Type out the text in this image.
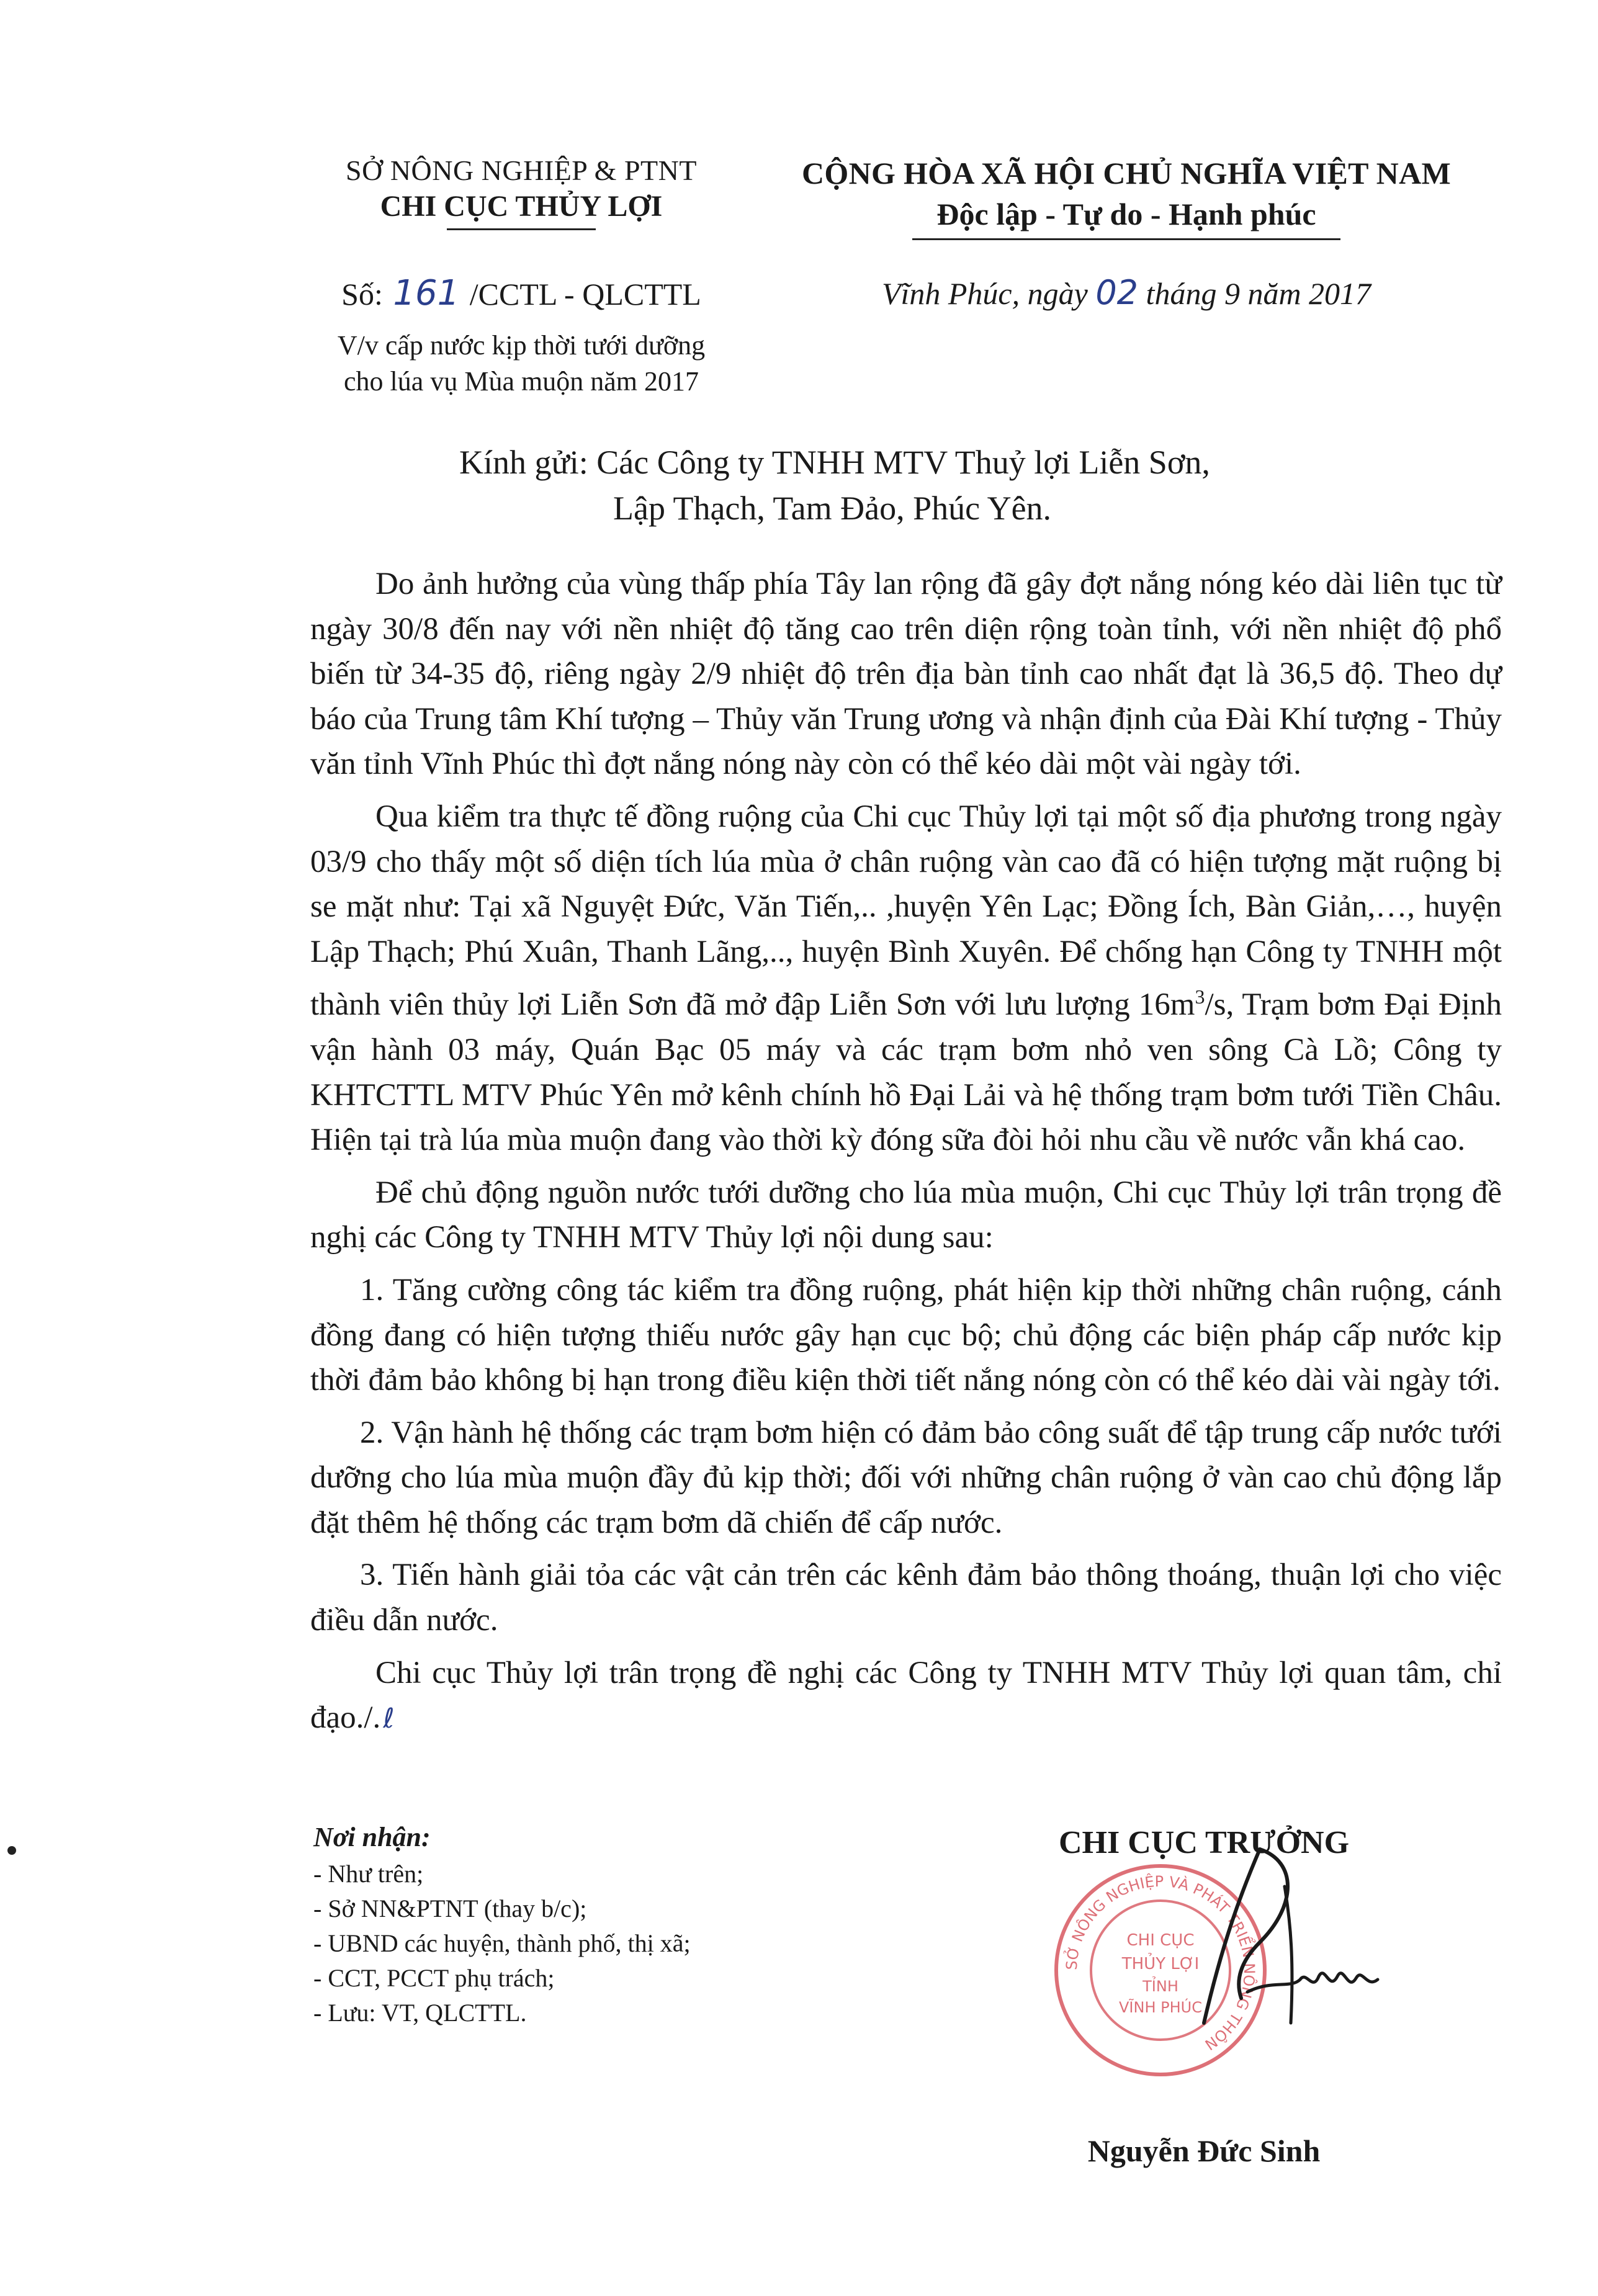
SỞ NÔNG NGHIỆP & PTNT
CHI CỤC THỦY LỢI
CỘNG HÒA XÃ HỘI CHỦ NGHĨA VIỆT NAM
Độc lập - Tự do - Hạnh phúc
Số: 161 /CCTL - QLCTTL
V/v cấp nước kịp thời tưới dưỡng
cho lúa vụ Mùa muộn năm 2017
Vĩnh Phúc, ngày 02 tháng 9 năm 2017
Kính gửi: Các Công ty TNHH MTV Thuỷ lợi Liễn Sơn,
Lập Thạch, Tam Đảo, Phúc Yên.

Do ảnh hưởng của vùng thấp phía Tây lan rộng đã gây đợt nắng nóng kéo dài liên tục từ ngày 30/8 đến nay với nền nhiệt độ tăng cao trên diện rộng toàn tỉnh, với nền nhiệt độ phổ biến từ 34-35 độ, riêng ngày 2/9 nhiệt độ trên địa bàn tỉnh cao nhất đạt là 36,5 độ. Theo dự báo của Trung tâm Khí tượng – Thủy văn Trung ương và nhận định của Đài Khí tượng - Thủy văn tỉnh Vĩnh Phúc thì đợt nắng nóng này còn có thể kéo dài một vài ngày tới.

Qua kiểm tra thực tế đồng ruộng của Chi cục Thủy lợi tại một số địa phương trong ngày 03/9 cho thấy một số diện tích lúa mùa ở chân ruộng vàn cao đã có hiện tượng mặt ruộng bị se mặt như: Tại xã Nguyệt Đức, Văn Tiến,.. ,huyện Yên Lạc; Đồng Ích, Bàn Giản,…, huyện Lập Thạch; Phú Xuân, Thanh Lãng,.., huyện Bình Xuyên. Để chống hạn Công ty TNHH một thành viên thủy lợi Liễn Sơn đã mở đập Liễn Sơn với lưu lượng $16m^3/s$, Trạm bơm Đại Định vận hành 03 máy, Quán Bạc 05 máy và các trạm bơm nhỏ ven sông Cà Lồ; Công ty KHTCTTL MTV Phúc Yên mở kênh chính hồ Đại Lải và hệ thống trạm bơm tưới Tiền Châu. Hiện tại trà lúa mùa muộn đang vào thời kỳ đóng sữa đòi hỏi nhu cầu về nước vẫn khá cao.

Để chủ động nguồn nước tưới dưỡng cho lúa mùa muộn, Chi cục Thủy lợi trân trọng đề nghị các Công ty TNHH MTV Thủy lợi nội dung sau:

1. Tăng cường công tác kiểm tra đồng ruộng, phát hiện kịp thời những chân ruộng, cánh đồng đang có hiện tượng thiếu nước gây hạn cục bộ; chủ động các biện pháp cấp nước kịp thời đảm bảo không bị hạn trong điều kiện thời tiết nắng nóng còn có thể kéo dài vài ngày tới.

2. Vận hành hệ thống các trạm bơm hiện có đảm bảo công suất để tập trung cấp nước tưới dưỡng cho lúa mùa muộn đầy đủ kịp thời; đối với những chân ruộng ở vàn cao chủ động lắp đặt thêm hệ thống các trạm bơm dã chiến để cấp nước.

3. Tiến hành giải tỏa các vật cản trên các kênh đảm bảo thông thoáng, thuận lợi cho việc điều dẫn nước.

Chi cục Thủy lợi trân trọng đề nghị các Công ty TNHH MTV Thủy lợi quan tâm, chỉ đạo./.ℓ

Nơi nhận:
- Như trên;
- Sở NN&PTNT (thay b/c);
- UBND các huyện, thành phố, thị xã;
- CCT, PCCT phụ trách;
- Lưu: VT, QLCTTL.
SỞ NÔNG NGHIỆP VÀ PHÁT TRIỂN NÔNG THÔN
CHI CỤC
THỦY LỢI
TỈNH
VĨNH PHÚC
CHI CỤC TRƯỞNG
Nguyễn Đức Sinh
